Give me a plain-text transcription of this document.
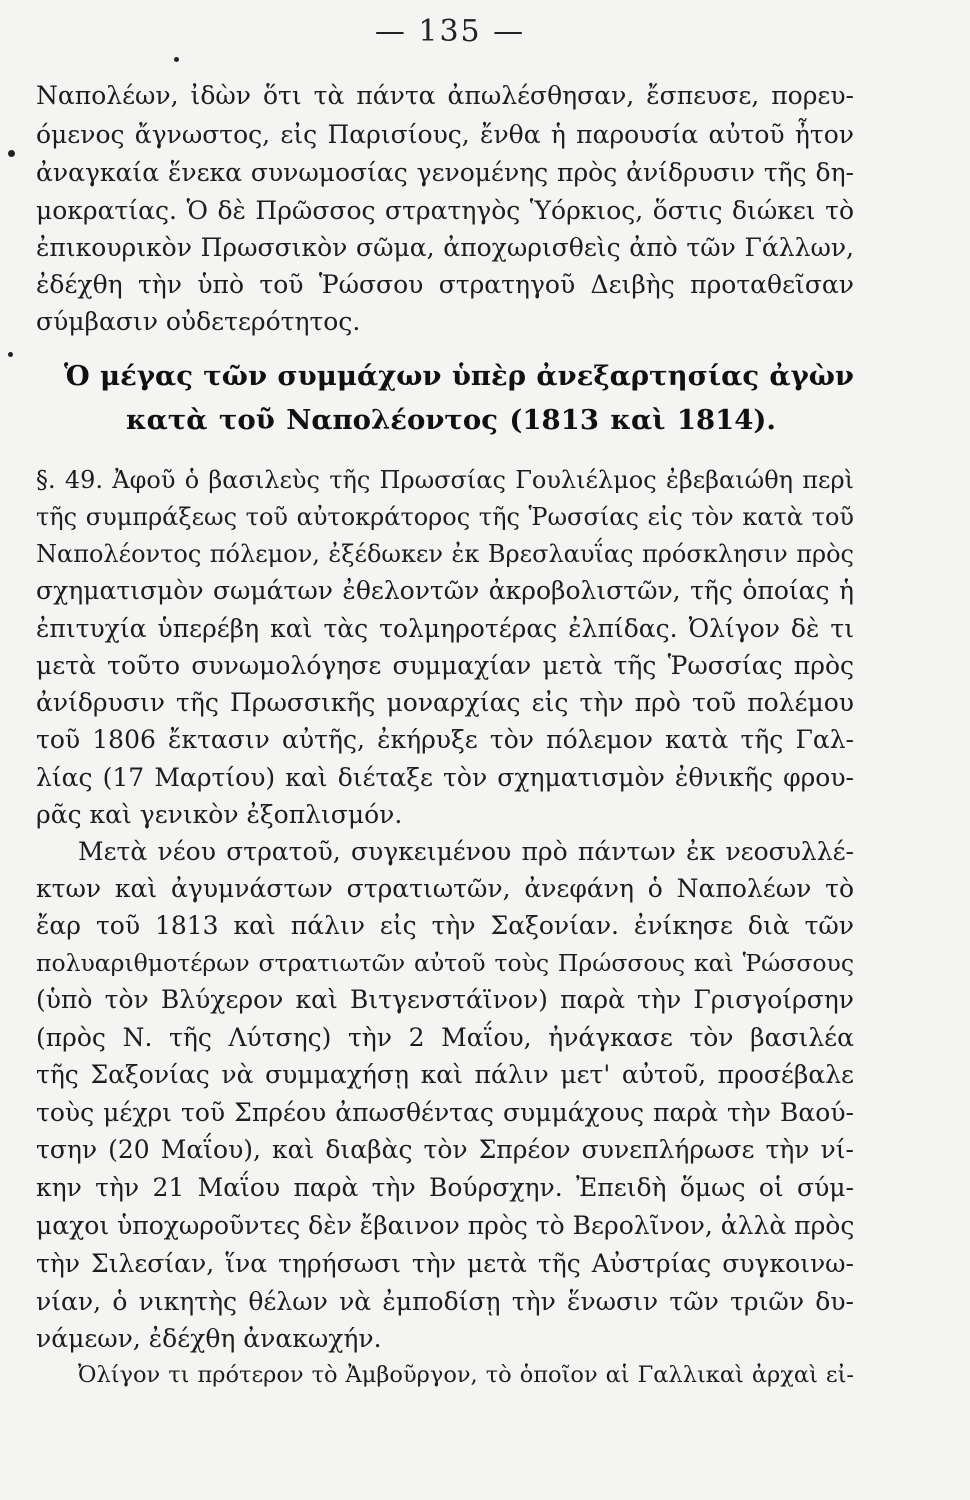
— 135 —
Ναπολέων, ἰδὼν ὅτι τὰ πάντα ἀπωλέσθησαν, ἔσπευσε, πορευ-
όμενος ἄγνωστος, εἰς Παρισίους, ἔνθα ἡ παρουσία αὐτοῦ ἦτον
ἀναγκαία ἕνεκα συνωμοσίας γενομένης πρὸς ἀνίδρυσιν τῆς δη-
μοκρατίας. Ὁ δὲ Πρῶσσος στρατηγὸς Ὑόρκιος, ὅστις διώκει τὸ
ἐπικουρικὸν Πρωσσικὸν σῶμα, ἀποχωρισθεὶς ἀπὸ τῶν Γάλλων,
ἐδέχθη τὴν ὑπὸ τοῦ Ῥώσσου στρατηγοῦ Δειβὴς προταθεῖσαν
σύμβασιν οὐδετερότητος.
Ὁ μέγας τῶν συμμάχων ὑπὲρ ἀνεξαρτησίας ἀγὼν
κατὰ τοῦ Ναπολέοντος (1813 καὶ 1814).
§. 49. Ἀφοῦ ὁ βασιλεὺς τῆς Πρωσσίας Γουλιέλμος ἐβεβαιώθη περὶ
τῆς συμπράξεως τοῦ αὐτοκράτορος τῆς Ῥωσσίας εἰς τὸν κατὰ τοῦ
Ναπολέοντος πόλεμον, ἐξέδωκεν ἐκ Βρεσλαυΐας πρόσκλησιν πρὸς
σχηματισμὸν σωμάτων ἐθελοντῶν ἀκροβολιστῶν, τῆς ὁποίας ἡ
ἐπιτυχία ὑπερέβη καὶ τὰς τολμηροτέρας ἐλπίδας. Ὀλίγον δὲ τι
μετὰ τοῦτο συνωμολόγησε συμμαχίαν μετὰ τῆς Ῥωσσίας πρὸς
ἀνίδρυσιν τῆς Πρωσσικῆς μοναρχίας εἰς τὴν πρὸ τοῦ πολέμου
τοῦ 1806 ἔκτασιν αὐτῆς, ἐκήρυξε τὸν πόλεμον κατὰ τῆς Γαλ-
λίας (17 Μαρτίου) καὶ διέταξε τὸν σχηματισμὸν ἐθνικῆς φρου-
ρᾶς καὶ γενικὸν ἐξοπλισμόν.
Μετὰ νέου στρατοῦ, συγκειμένου πρὸ πάντων ἐκ νεοσυλλέ-
κτων καὶ ἀγυμνάστων στρατιωτῶν, ἀνεφάνη ὁ Ναπολέων τὸ
ἔαρ τοῦ 1813 καὶ πάλιν εἰς τὴν Σαξονίαν. ἐνίκησε διὰ τῶν
πολυαριθμοτέρων στρατιωτῶν αὐτοῦ τοὺς Πρώσσους καὶ Ῥώσσους
(ὑπὸ τὸν Βλύχερον καὶ Βιτγενστάϊνον) παρὰ τὴν Γρισγοίρσην
(πρὸς Ν. τῆς Λύτσης) τὴν 2 Μαΐου, ἠνάγκασε τὸν βασιλέα
τῆς Σαξονίας νὰ συμμαχήσῃ καὶ πάλιν μετ' αὐτοῦ, προσέβαλε
τοὺς μέχρι τοῦ Σπρέου ἀπωσθέντας συμμάχους παρὰ τὴν Βαού-
τσην (20 Μαΐου), καὶ διαβὰς τὸν Σπρέον συνεπλήρωσε τὴν νί-
κην τὴν 21 Μαΐου παρὰ τὴν Βούρσχην. Ἐπειδὴ ὅμως οἱ σύμ-
μαχοι ὑποχωροῦντες δὲν ἔβαινον πρὸς τὸ Βερολῖνον, ἀλλὰ πρὸς
τὴν Σιλεσίαν, ἵνα τηρήσωσι τὴν μετὰ τῆς Αὐστρίας συγκοινω-
νίαν, ὁ νικητὴς θέλων νὰ ἐμποδίσῃ τὴν ἕνωσιν τῶν τριῶν δυ-
νάμεων, ἐδέχθη ἀνακωχήν.
Ὀλίγον τι πρότερον τὸ Ἀμβοῦργον, τὸ ὁποῖον αἱ Γαλλικαὶ ἀρχαὶ εἰ-
